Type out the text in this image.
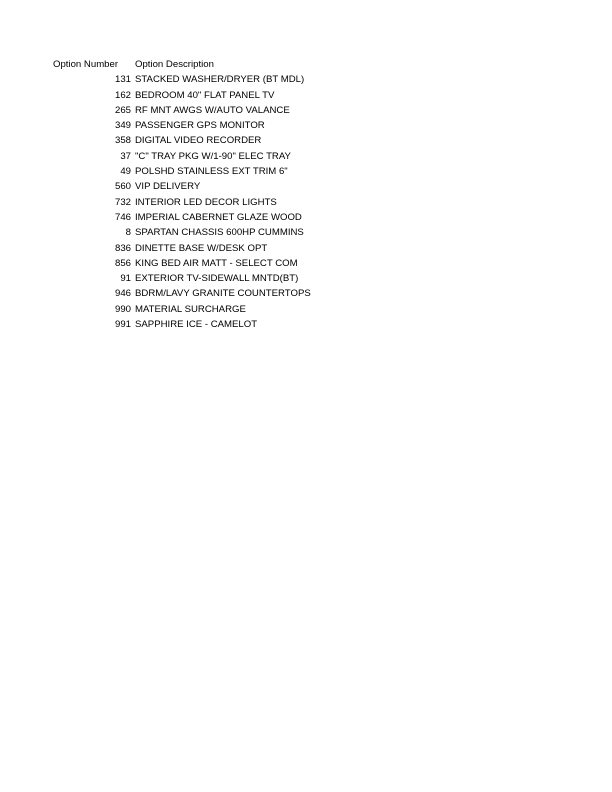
Option Number	Option Description
131	STACKED WASHER/DRYER (BT MDL)
162	BEDROOM 40" FLAT PANEL TV
265	RF MNT AWGS W/AUTO VALANCE
349	PASSENGER GPS MONITOR
358	DIGITAL VIDEO RECORDER
37	"C" TRAY PKG W/1-90" ELEC TRAY
49	POLSHD STAINLESS EXT TRIM 6"
560	VIP DELIVERY
732	INTERIOR LED DECOR LIGHTS
746	IMPERIAL CABERNET GLAZE WOOD
8	SPARTAN CHASSIS 600HP CUMMINS
836	DINETTE BASE W/DESK OPT
856	KING BED AIR MATT - SELECT COM
91	EXTERIOR TV-SIDEWALL MNTD(BT)
946	BDRM/LAVY GRANITE COUNTERTOPS
990	MATERIAL SURCHARGE
991	SAPPHIRE ICE - CAMELOT
